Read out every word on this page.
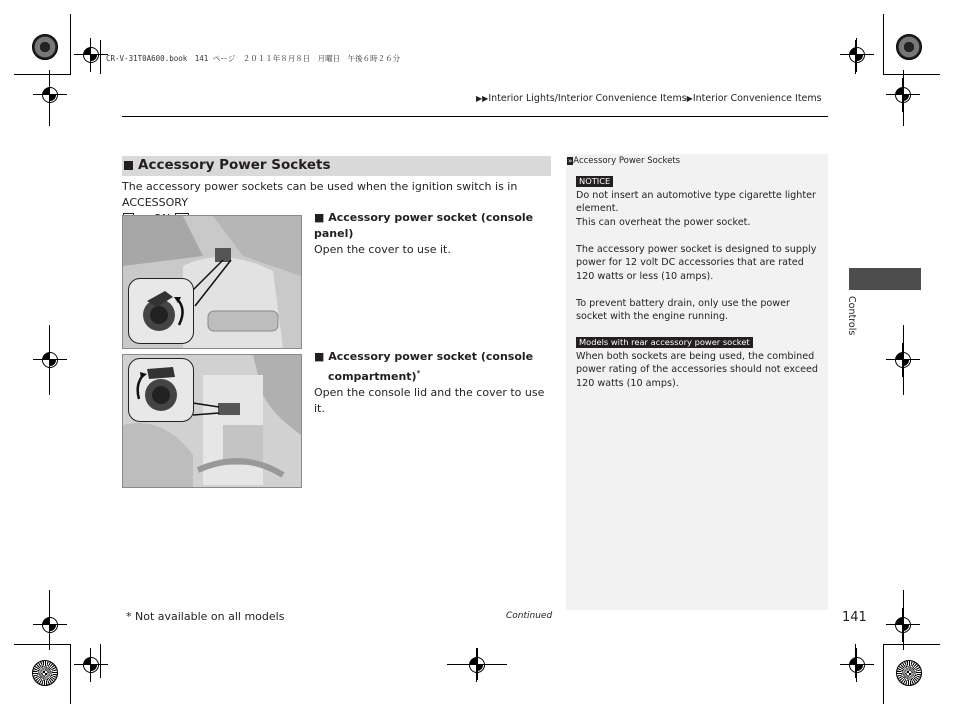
CR-V-31T0A600.book　141 ページ　２０１１年８月８日　月曜日　午後６時２６分
▶▶Interior Lights/Interior Convenience Items▶Interior Convenience Items
Accessory Power Sockets
The accessory power sockets can be used when the ignition switch is in ACCESSORY

■ Accessory power socket (console panel)
Open the cover to use it.
■ Accessory power socket (console
compartment)*
Open the console lid and the cover to use it.
»Accessory Power Sockets
NOTICE
Do not insert an automotive type cigarette lighter element.
This can overheat the power socket.
The accessory power socket is designed to supply power for 12 volt DC accessories that are rated 120 watts or less (10 amps).
To prevent battery drain, only use the power socket with the engine running.
Models with rear accessory power socket
When both sockets are being used, the combined power rating of the accessories should not exceed 120 watts (10 amps).
Controls
* Not available on all models	Continued	141
